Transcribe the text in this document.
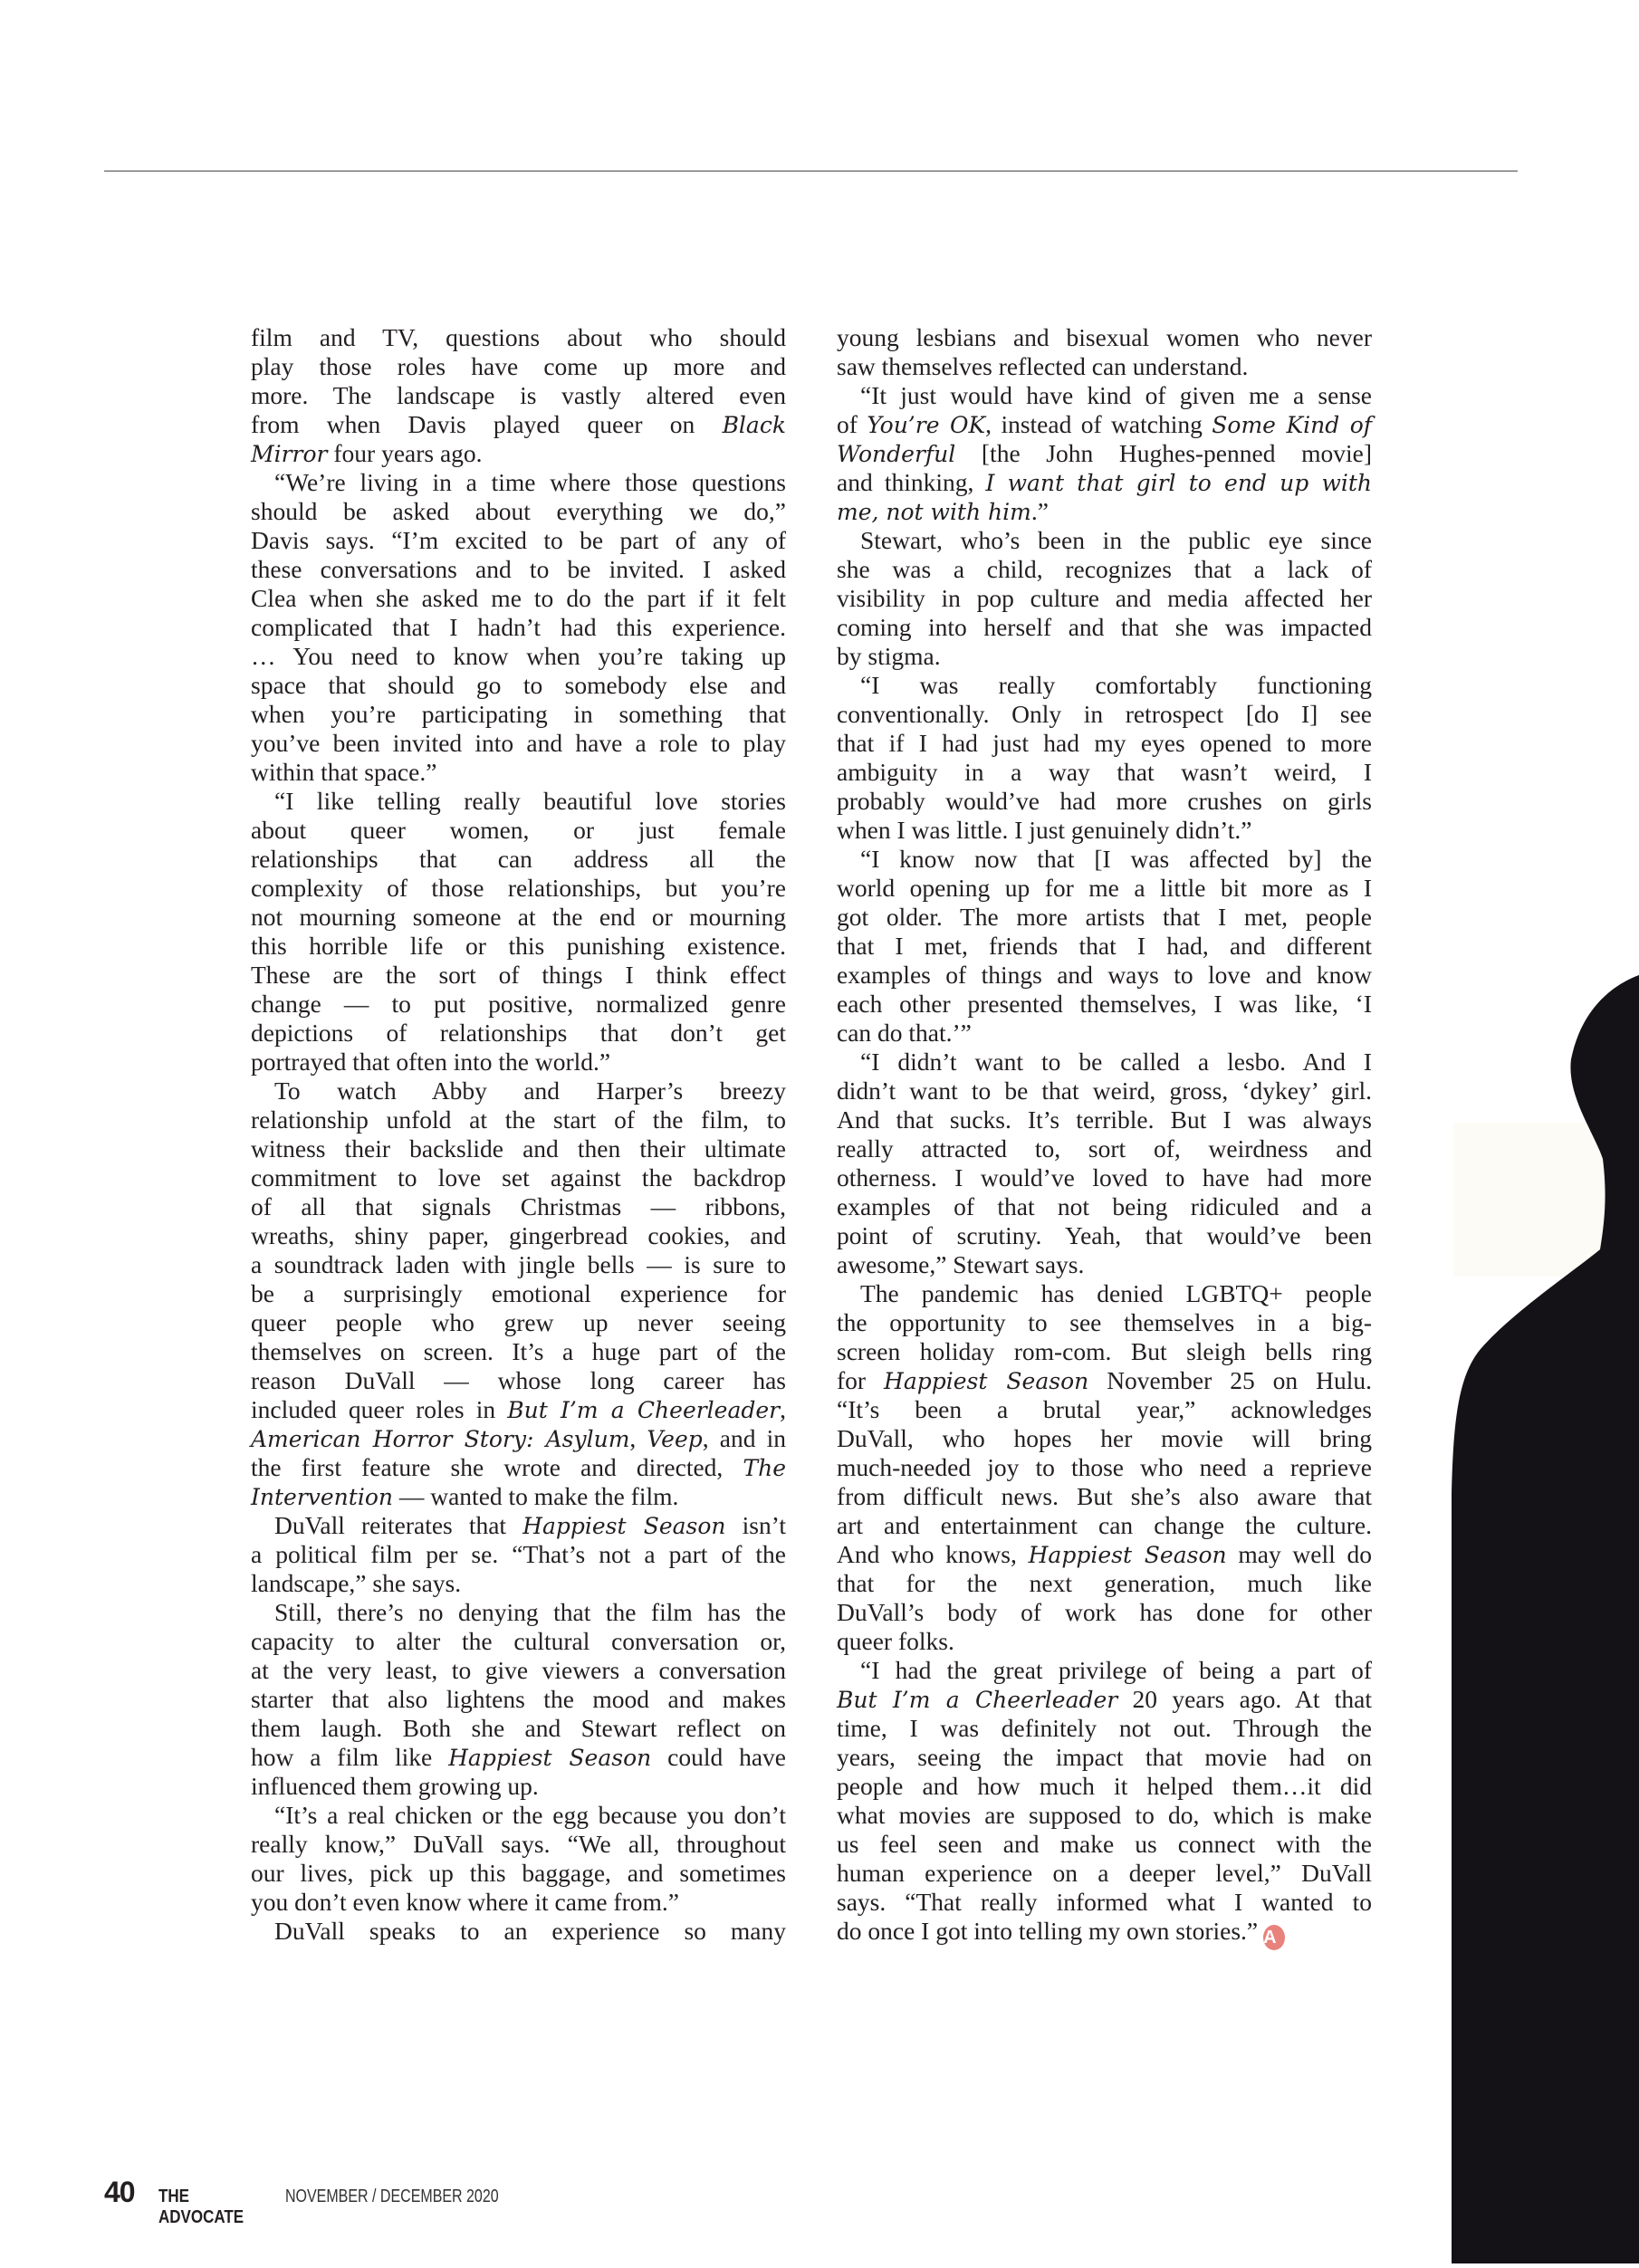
film and TV, questions about who should
play those roles have come up more and
more. The landscape is vastly altered even
from when Davis played queer on Black
Mirror four years ago.
“We’re living in a time where those questions
should be asked about everything we do,”
Davis says. “I’m excited to be part of any of
these conversations and to be invited. I asked
Clea when she asked me to do the part if it felt
complicated that I hadn’t had this experience.
… You need to know when you’re taking up
space that should go to somebody else and
when you’re participating in something that
you’ve been invited into and have a role to play
within that space.”
“I like telling really beautiful love stories
about queer women, or just female
relationships that can address all the
complexity of those relationships, but you’re
not mourning someone at the end or mourning
this horrible life or this punishing existence.
These are the sort of things I think effect
change — to put positive, normalized genre
depictions of relationships that don’t get
portrayed that often into the world.”
To watch Abby and Harper’s breezy
relationship unfold at the start of the film, to
witness their backslide and then their ultimate
commitment to love set against the backdrop
of all that signals Christmas — ribbons,
wreaths, shiny paper, gingerbread cookies, and
a soundtrack laden with jingle bells — is sure to
be a surprisingly emotional experience for
queer people who grew up never seeing
themselves on screen. It’s a huge part of the
reason DuVall — whose long career has
included queer roles in But I’m a Cheerleader,
American Horror Story: Asylum, Veep, and in
the first feature she wrote and directed, The
Intervention — wanted to make the film.
DuVall reiterates that Happiest Season isn’t
a political film per se. “That’s not a part of the
landscape,” she says.
Still, there’s no denying that the film has the
capacity to alter the cultural conversation or,
at the very least, to give viewers a conversation
starter that also lightens the mood and makes
them laugh. Both she and Stewart reflect on
how a film like Happiest Season could have
influenced them growing up.
“It’s a real chicken or the egg because you don’t
really know,” DuVall says. “We all, throughout
our lives, pick up this baggage, and sometimes
you don’t even know where it came from.”
DuVall speaks to an experience so many
young lesbians and bisexual women who never
saw themselves reflected can understand.
“It just would have kind of given me a sense
of You’re OK, instead of watching Some Kind of
Wonderful [the John Hughes-penned movie]
and thinking, I want that girl to end up with
me, not with him.”
Stewart, who’s been in the public eye since
she was a child, recognizes that a lack of
visibility in pop culture and media affected her
coming into herself and that she was impacted
by stigma.
“I was really comfortably functioning
conventionally. Only in retrospect [do I] see
that if I had just had my eyes opened to more
ambiguity in a way that wasn’t weird, I
probably would’ve had more crushes on girls
when I was little. I just genuinely didn’t.”
“I know now that [I was affected by] the
world opening up for me a little bit more as I
got older. The more artists that I met, people
that I met, friends that I had, and different
examples of things and ways to love and know
each other presented themselves, I was like, ‘I
can do that.’”
“I didn’t want to be called a lesbo. And I
didn’t want to be that weird, gross, ‘dykey’ girl.
And that sucks. It’s terrible. But I was always
really attracted to, sort of, weirdness and
otherness. I would’ve loved to have had more
examples of that not being ridiculed and a
point of scrutiny. Yeah, that would’ve been
awesome,” Stewart says.
The pandemic has denied LGBTQ+ people
the opportunity to see themselves in a big-
screen holiday rom-com. But sleigh bells ring
for Happiest Season November 25 on Hulu.
“It’s been a brutal year,” acknowledges
DuVall, who hopes her movie will bring
much-needed joy to those who need a reprieve
from difficult news. But she’s also aware that
art and entertainment can change the culture.
And who knows, Happiest Season may well do
that for the next generation, much like
DuVall’s body of work has done for other
queer folks.
“I had the great privilege of being a part of
But I’m a Cheerleader 20 years ago. At that
time, I was definitely not out. Through the
years, seeing the impact that movie had on
people and how much it helped them…it did
what movies are supposed to do, which is make
us feel seen and make us connect with the
human experience on a deeper level,” DuVall
says. “That really informed what I wanted to
do once I got into telling my own stories.” A
40 THE ADVOCATE
NOVEMBER / DECEMBER 2020
